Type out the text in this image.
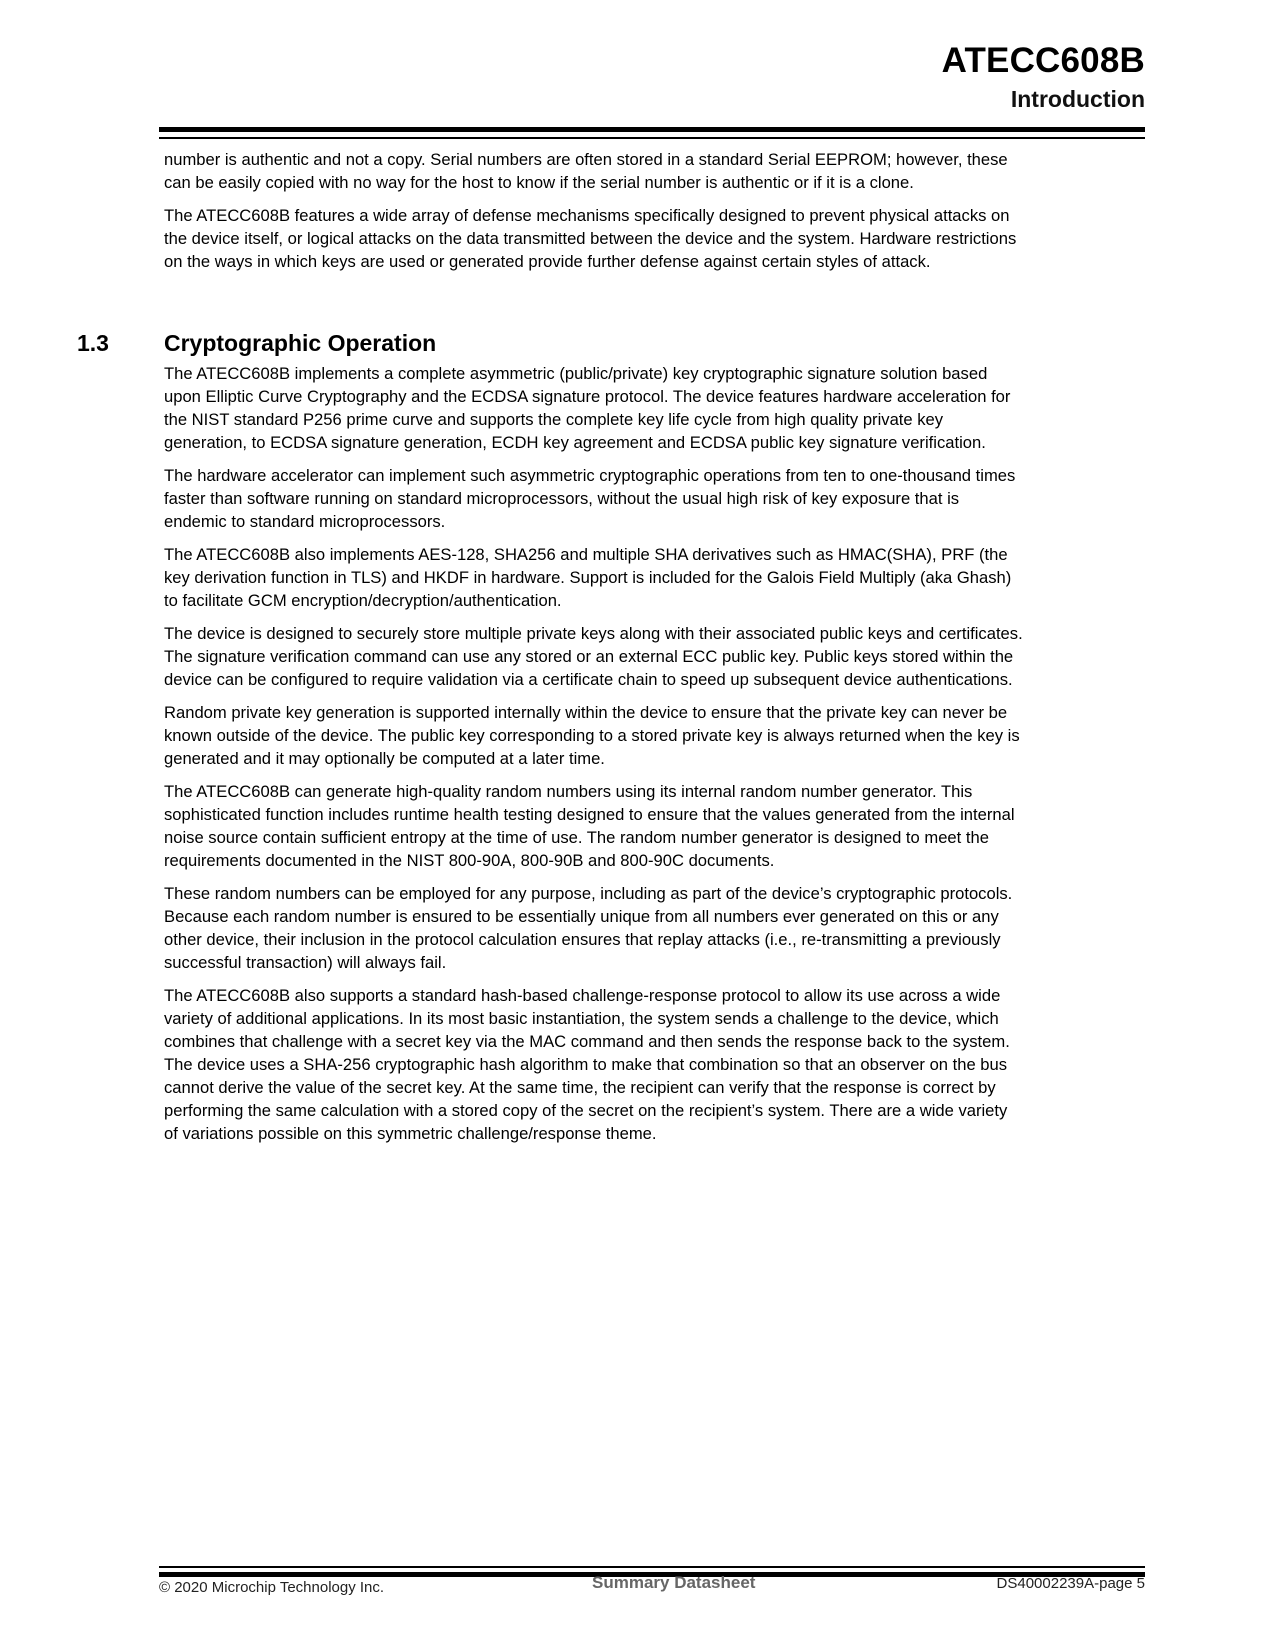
ATECC608B
Introduction

number is authentic and not a copy. Serial numbers are often stored in a standard Serial EEPROM; however, these
can be easily copied with no way for the host to know if the serial number is authentic or if it is a clone.

The ATECC608B features a wide array of defense mechanisms specifically designed to prevent physical attacks on
the device itself, or logical attacks on the data transmitted between the device and the system. Hardware restrictions
on the ways in which keys are used or generated provide further defense against certain styles of attack.

1.3 Cryptographic Operation

The ATECC608B implements a complete asymmetric (public/private) key cryptographic signature solution based
upon Elliptic Curve Cryptography and the ECDSA signature protocol. The device features hardware acceleration for
the NIST standard P256 prime curve and supports the complete key life cycle from high quality private key
generation, to ECDSA signature generation, ECDH key agreement and ECDSA public key signature verification.

The hardware accelerator can implement such asymmetric cryptographic operations from ten to one-thousand times
faster than software running on standard microprocessors, without the usual high risk of key exposure that is
endemic to standard microprocessors.

The ATECC608B also implements AES-128, SHA256 and multiple SHA derivatives such as HMAC(SHA), PRF (the
key derivation function in TLS) and HKDF in hardware. Support is included for the Galois Field Multiply (aka Ghash)
to facilitate GCM encryption/decryption/authentication.

The device is designed to securely store multiple private keys along with their associated public keys and certificates.
The signature verification command can use any stored or an external ECC public key. Public keys stored within the
device can be configured to require validation via a certificate chain to speed up subsequent device authentications.

Random private key generation is supported internally within the device to ensure that the private key can never be
known outside of the device. The public key corresponding to a stored private key is always returned when the key is
generated and it may optionally be computed at a later time.

The ATECC608B can generate high-quality random numbers using its internal random number generator. This
sophisticated function includes runtime health testing designed to ensure that the values generated from the internal
noise source contain sufficient entropy at the time of use. The random number generator is designed to meet the
requirements documented in the NIST 800-90A, 800-90B and 800-90C documents.

These random numbers can be employed for any purpose, including as part of the device’s cryptographic protocols.
Because each random number is ensured to be essentially unique from all numbers ever generated on this or any
other device, their inclusion in the protocol calculation ensures that replay attacks (i.e., re-transmitting a previously
successful transaction) will always fail.

The ATECC608B also supports a standard hash-based challenge-response protocol to allow its use across a wide
variety of additional applications. In its most basic instantiation, the system sends a challenge to the device, which
combines that challenge with a secret key via the MAC command and then sends the response back to the system.
The device uses a SHA-256 cryptographic hash algorithm to make that combination so that an observer on the bus
cannot derive the value of the secret key. At the same time, the recipient can verify that the response is correct by
performing the same calculation with a stored copy of the secret on the recipient’s system. There are a wide variety
of variations possible on this symmetric challenge/response theme.

© 2020 Microchip Technology Inc.	Summary Datasheet	DS40002239A-page 5
